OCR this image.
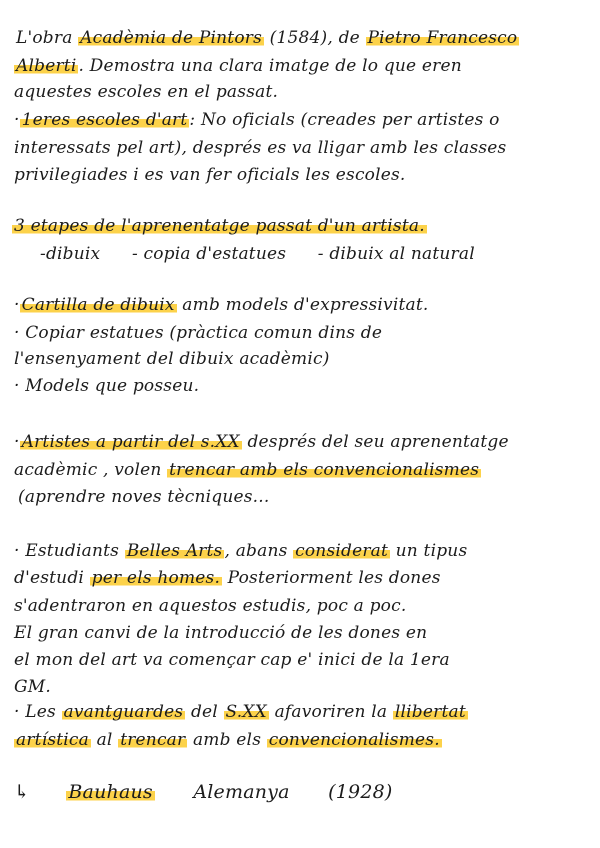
L'obra Acadèmia de Pintors (1584), de Pietro Francesco
Alberti . Demostra una clara imatge de lo que eren
aquestes escoles en el passat.
· 1eres escoles d'art : No oficials (creades per artistes o
interessats pel art), després es va lligar amb les classes
privilegiades i es van fer oficials les escoles.
3 etapes de l'aprenentatge passat d'un artista.
-dibuix - copia d'estatues - dibuix al natural
· Cartilla de dibuix amb models d'expressivitat.
· Copiar estatues (pràctica comun dins de
l'ensenyament del dibuix acadèmic)
· Models que posseu.
· Artistes a partir del s.XX després del seu aprenentatge
acadèmic , volen trencar amb els convencionalismes
(aprendre noves tècniques...
· Estudiants Belles Arts , abans considerat un tipus
d'estudi per els homes. Posteriorment les dones
s'adentraron en aquestos estudis, poc a poc.
El gran canvi de la introducció de les dones en
el mon del art va començar cap e' inici de la 1era
GM.
· Les avantguardes del S.XX afavoriren la llibertat
artística al trencar amb els convencionalismes.
↳ Bauhaus Alemanya (1928)
